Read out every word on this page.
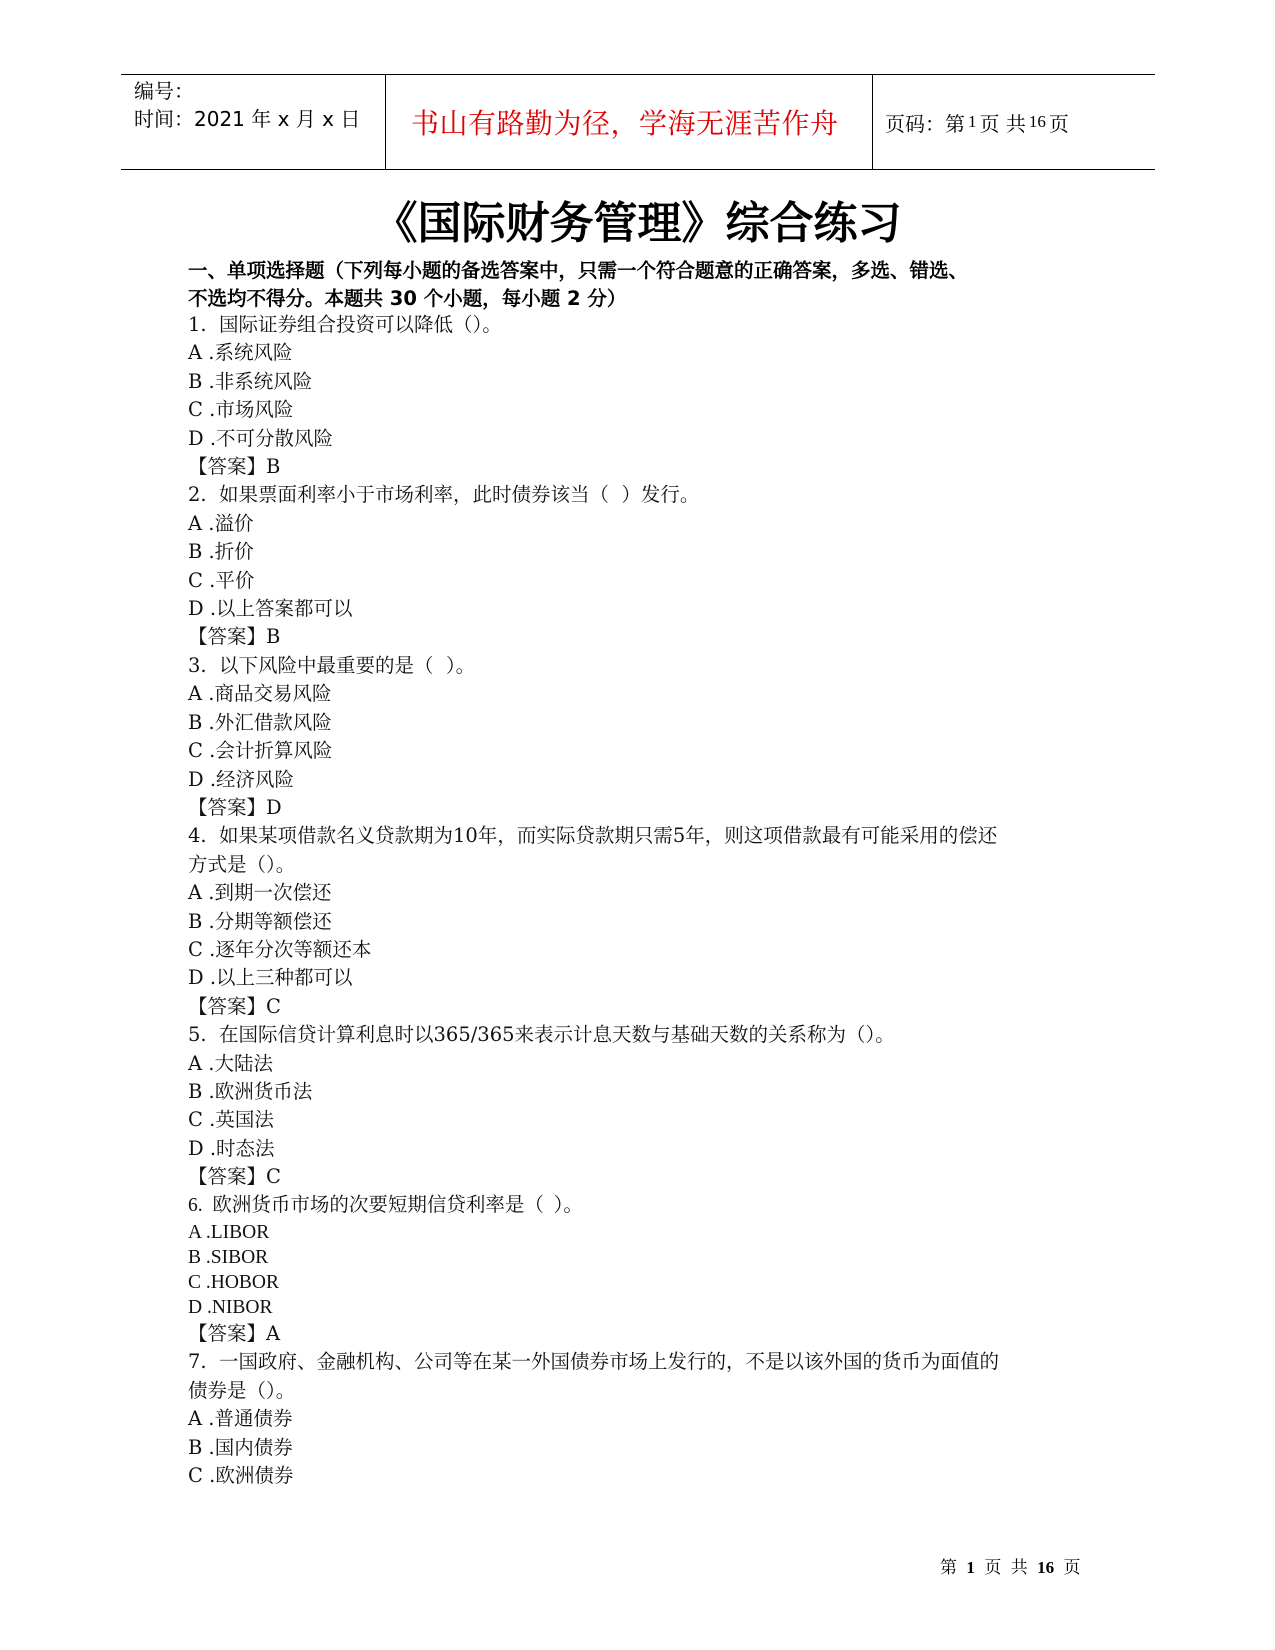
编号：
时间：2021 年 x 月 x 日	书山有路勤为径，学海无涯苦作舟	页码：第 1 页 共 16 页
《国际财务管理》综合练习
一、单项选择题（下列每小题的备选答案中，只需一个符合题意的正确答案，多选、错选、
不选均不得分。本题共 30 个小题，每小题 2 分）
1.  国际证券组合投资可以降低（）。
A .系统风险
B .非系统风险
C .市场风险
D .不可分散风险
【答案】B
2.  如果票面利率小于市场利率，此时债券该当（  ）发行。
A .溢价
B .折价
C .平价
D .以上答案都可以
【答案】B
3.  以下风险中最重要的是（  ）。
A .商品交易风险
B .外汇借款风险
C .会计折算风险
D .经济风险
【答案】D
4.  如果某项借款名义贷款期为10年，而实际贷款期只需5年，则这项借款最有可能采用的偿还
方式是（）。
A .到期一次偿还
B .分期等额偿还
C .逐年分次等额还本
D .以上三种都可以
【答案】C
5.  在国际信贷计算利息时以365/365来表示计息天数与基础天数的关系称为（）。
A .大陆法
B .欧洲货币法
C .英国法
D .时态法
【答案】C
6.  欧洲货币市场的次要短期信贷利率是（  ）。
A .LIBOR
B .SIBOR
C .HOBOR
D .NIBOR
【答案】A
7.  一国政府、金融机构、公司等在某一外国债券市场上发行的，不是以该外国的货币为面值的
债券是（）。
A .普通债券
B .国内债券
C .欧洲债券
第 1 页 共 16 页
